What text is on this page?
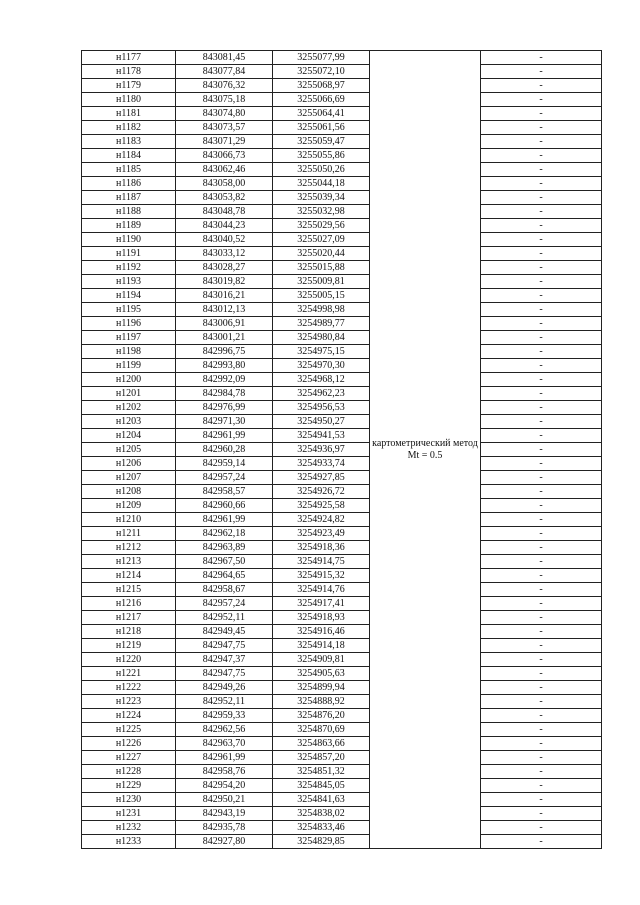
н1177	843081,45	3255077,99	картометрический метод Mt = 0.5	-
н1178	843077,84	3255072,10		-
н1179	843076,32	3255068,97		-
н1180	843075,18	3255066,69		-
н1181	843074,80	3255064,41		-
н1182	843073,57	3255061,56		-
н1183	843071,29	3255059,47		-
н1184	843066,73	3255055,86		-
н1185	843062,46	3255050,26		-
н1186	843058,00	3255044,18		-
н1187	843053,82	3255039,34		-
н1188	843048,78	3255032,98		-
н1189	843044,23	3255029,56		-
н1190	843040,52	3255027,09		-
н1191	843033,12	3255020,44		-
н1192	843028,27	3255015,88		-
н1193	843019,82	3255009,81		-
н1194	843016,21	3255005,15		-
н1195	843012,13	3254998,98		-
н1196	843006,91	3254989,77		-
н1197	843001,21	3254980,84		-
н1198	842996,75	3254975,15		-
н1199	842993,80	3254970,30		-
н1200	842992,09	3254968,12		-
н1201	842984,78	3254962,23		-
н1202	842976,99	3254956,53		-
н1203	842971,30	3254950,27		-
н1204	842961,99	3254941,53		-
н1205	842960,28	3254936,97		-
н1206	842959,14	3254933,74		-
н1207	842957,24	3254927,85		-
н1208	842958,57	3254926,72		-
н1209	842960,66	3254925,58		-
н1210	842961,99	3254924,82		-
н1211	842962,18	3254923,49		-
н1212	842963,89	3254918,36		-
н1213	842967,50	3254914,75		-
н1214	842964,65	3254915,32		-
н1215	842958,67	3254914,76		-
н1216	842957,24	3254917,41		-
н1217	842952,11	3254918,93		-
н1218	842949,45	3254916,46		-
н1219	842947,75	3254914,18		-
н1220	842947,37	3254909,81		-
н1221	842947,75	3254905,63		-
н1222	842949,26	3254899,94		-
н1223	842952,11	3254888,92		-
н1224	842959,33	3254876,20		-
н1225	842962,56	3254870,69		-
н1226	842963,70	3254863,66		-
н1227	842961,99	3254857,20		-
н1228	842958,76	3254851,32		-
н1229	842954,20	3254845,05		-
н1230	842950,21	3254841,63		-
н1231	842943,19	3254838,02		-
н1232	842935,78	3254833,46		-
н1233	842927,80	3254829,85		-
